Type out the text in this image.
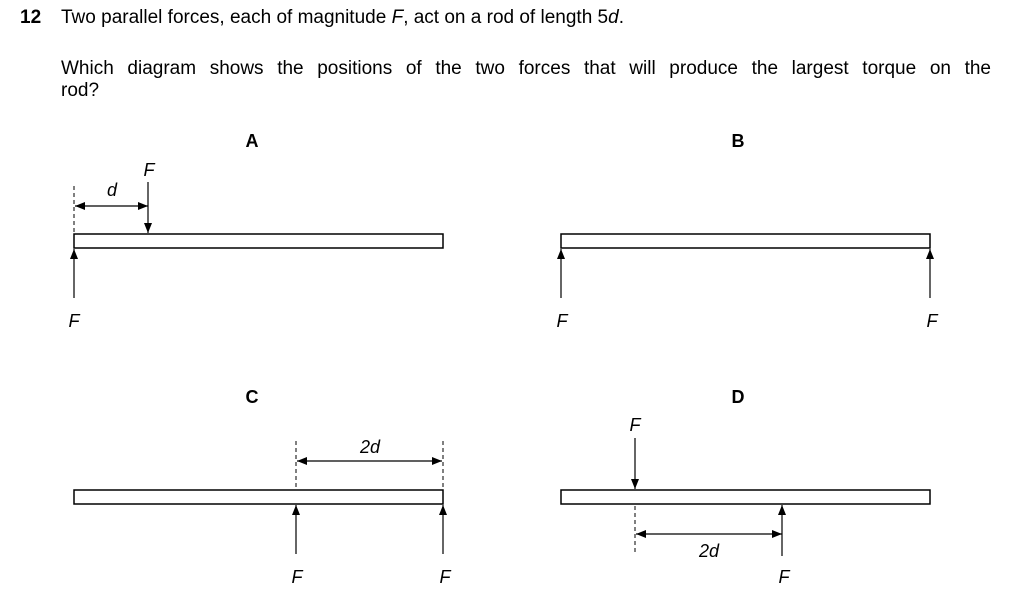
12 Two parallel forces, each of magnitude F, act on a rod of length 5d.
Which diagram shows the positions of the two forces that will produce the largest torque on the
rod?
A
d
F
F
B
F	F
C
2d
F	F
D
F
2d
F
